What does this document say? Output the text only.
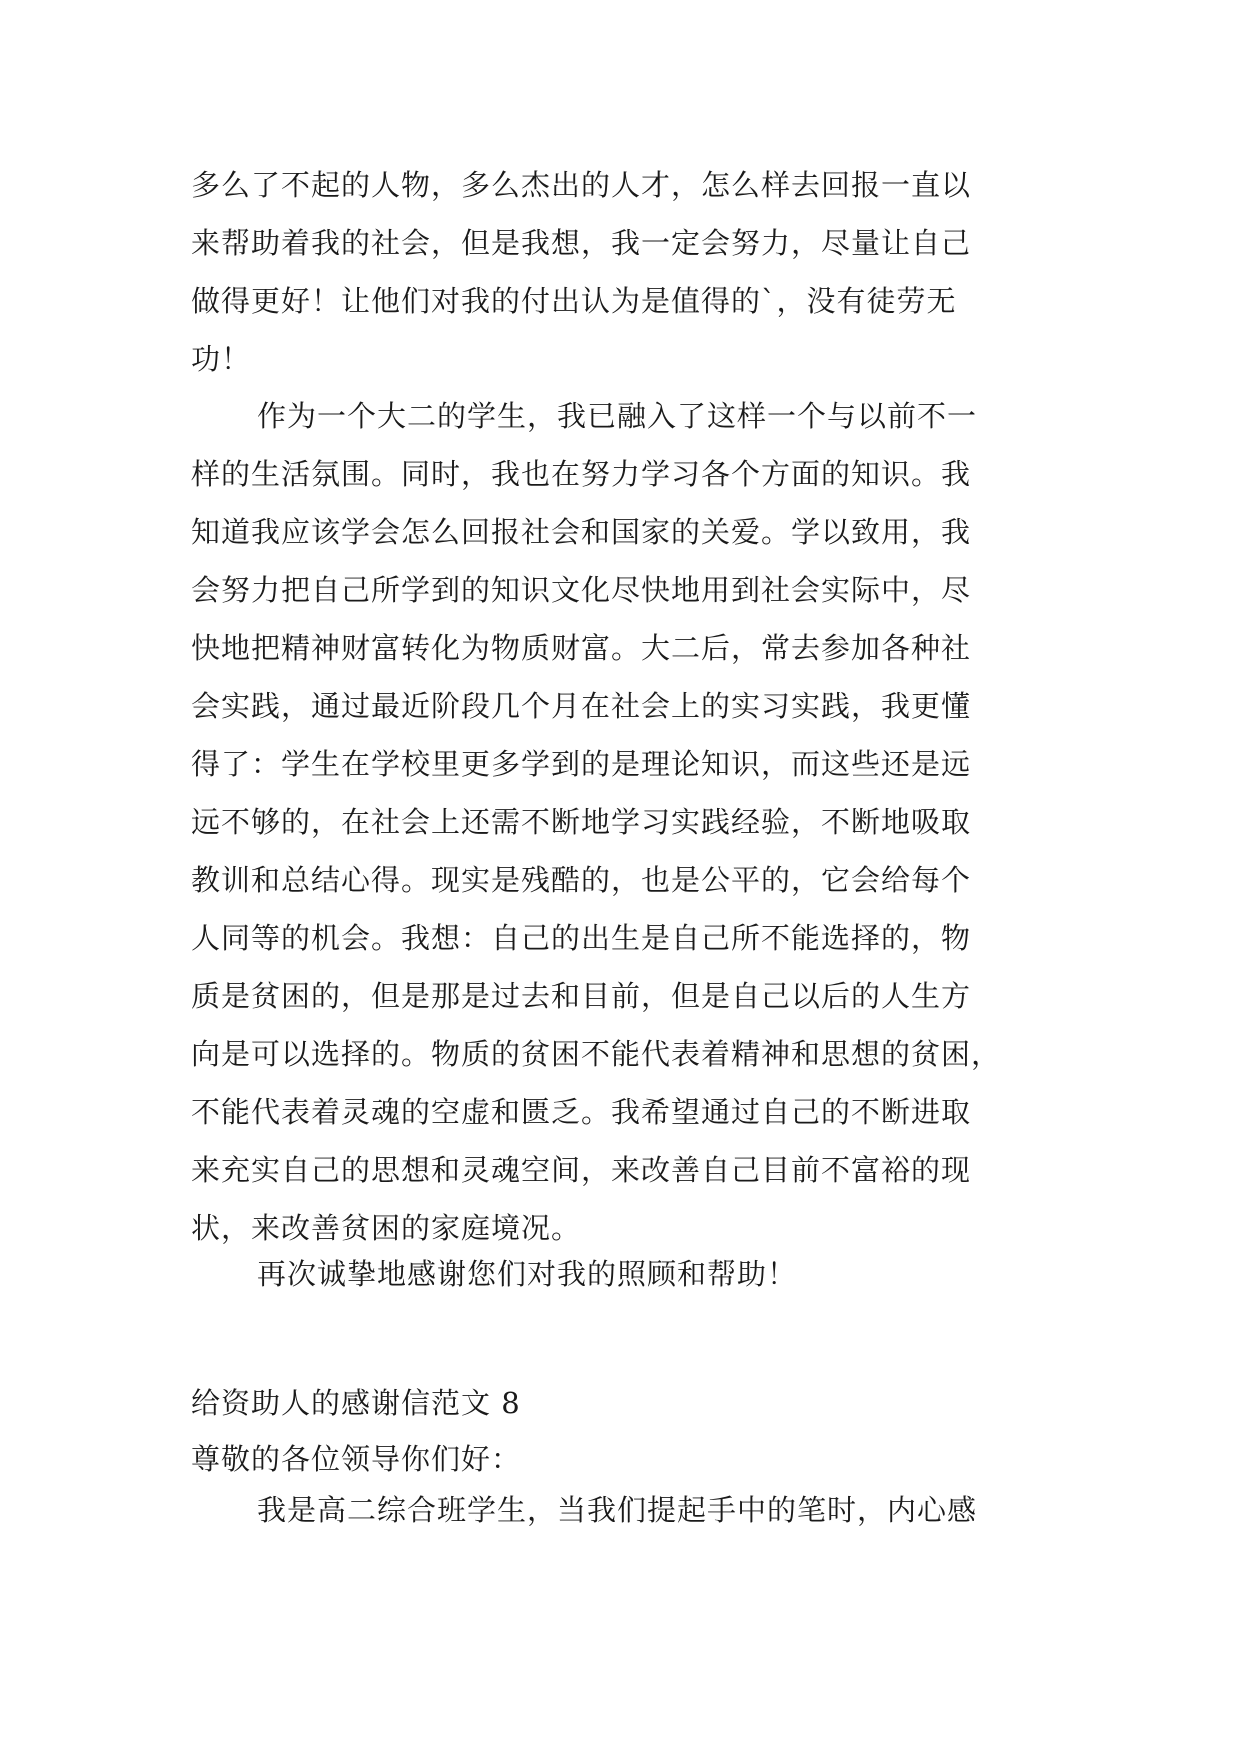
多么了不起的人物，多么杰出的人才，怎么样去回报一直以
来帮助着我的社会，但是我想，我一定会努力，尽量让自己
做得更好！让他们对我的付出认为是值得的`，没有徒劳无
功！
作为一个大二的学生，我已融入了这样一个与以前不一
样的生活氛围。同时，我也在努力学习各个方面的知识。我
知道我应该学会怎么回报社会和国家的关爱。学以致用，我
会努力把自己所学到的知识文化尽快地用到社会实际中，尽
快地把精神财富转化为物质财富。大二后，常去参加各种社
会实践，通过最近阶段几个月在社会上的实习实践，我更懂
得了：学生在学校里更多学到的是理论知识，而这些还是远
远不够的，在社会上还需不断地学习实践经验，不断地吸取
教训和总结心得。现实是残酷的，也是公平的，它会给每个
人同等的机会。我想：自己的出生是自己所不能选择的，物
质是贫困的，但是那是过去和目前，但是自己以后的人生方
向是可以选择的。物质的贫困不能代表着精神和思想的贫困，
不能代表着灵魂的空虚和匮乏。我希望通过自己的不断进取
来充实自己的思想和灵魂空间，来改善自己目前不富裕的现
状，来改善贫困的家庭境况。
再次诚挚地感谢您们对我的照顾和帮助！
给资助人的感谢信范文 8
尊敬的各位领导你们好：
我是高二综合班学生，当我们提起手中的笔时，内心感
